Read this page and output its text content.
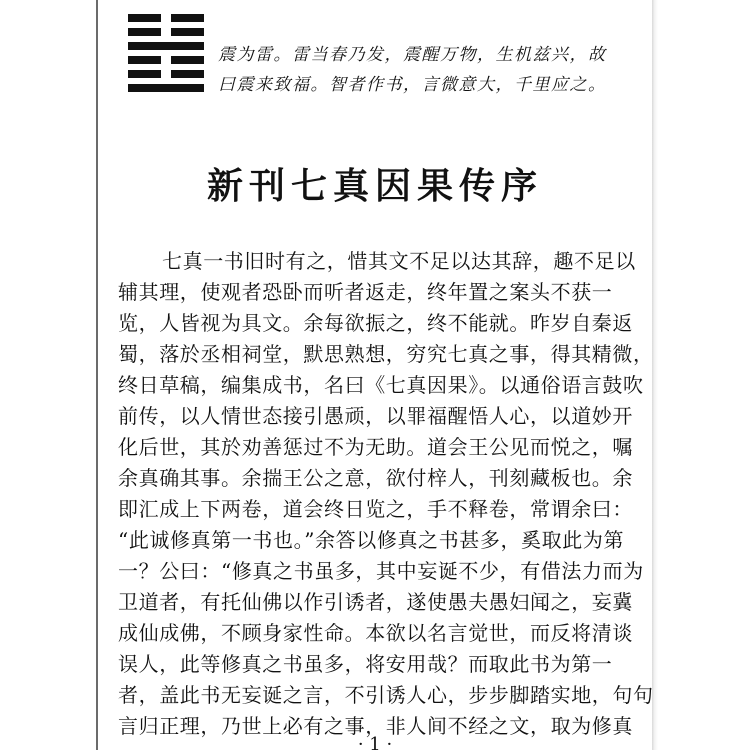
震为雷。雷当春乃发，震醒万物，生机兹兴，故
曰震来致福。智者作书，言微意大，千里应之。
新刊七真因果传序
七真一书旧时有之，惜其文不足以达其辞，趣不足以
辅其理，使观者恐卧而听者返走，终年置之案头不获一
览，人皆视为具文。余每欲振之，终不能就。昨岁自秦返
蜀，落於丞相祠堂，默思熟想，穷究七真之事，得其精微，
终日草稿，编集成书，名曰《七真因果》。以通俗语言鼓吹
前传，以人情世态接引愚顽，以罪福醒悟人心，以道妙开
化后世，其於劝善惩过不为无助。道会王公见而悦之，嘱
余真确其事。余揣王公之意，欲付梓人，刊刻藏板也。余
即汇成上下两卷，道会终日览之，手不释卷，常谓余曰：
“此诚修真第一书也。”余答以修真之书甚多，奚取此为第
一？公曰：“修真之书虽多，其中妄诞不少，有借法力而为
卫道者，有托仙佛以作引诱者，遂使愚夫愚妇闻之，妄冀
成仙成佛，不顾身家性命。本欲以名言觉世，而反将清谈
误人，此等修真之书虽多，将安用哉？而取此书为第一
者，盖此书无妄诞之言，不引诱人心，步步脚踏实地，句句
言归正理，乃世上必有之事，非人间不经之文，取为修真
· 1 ·
